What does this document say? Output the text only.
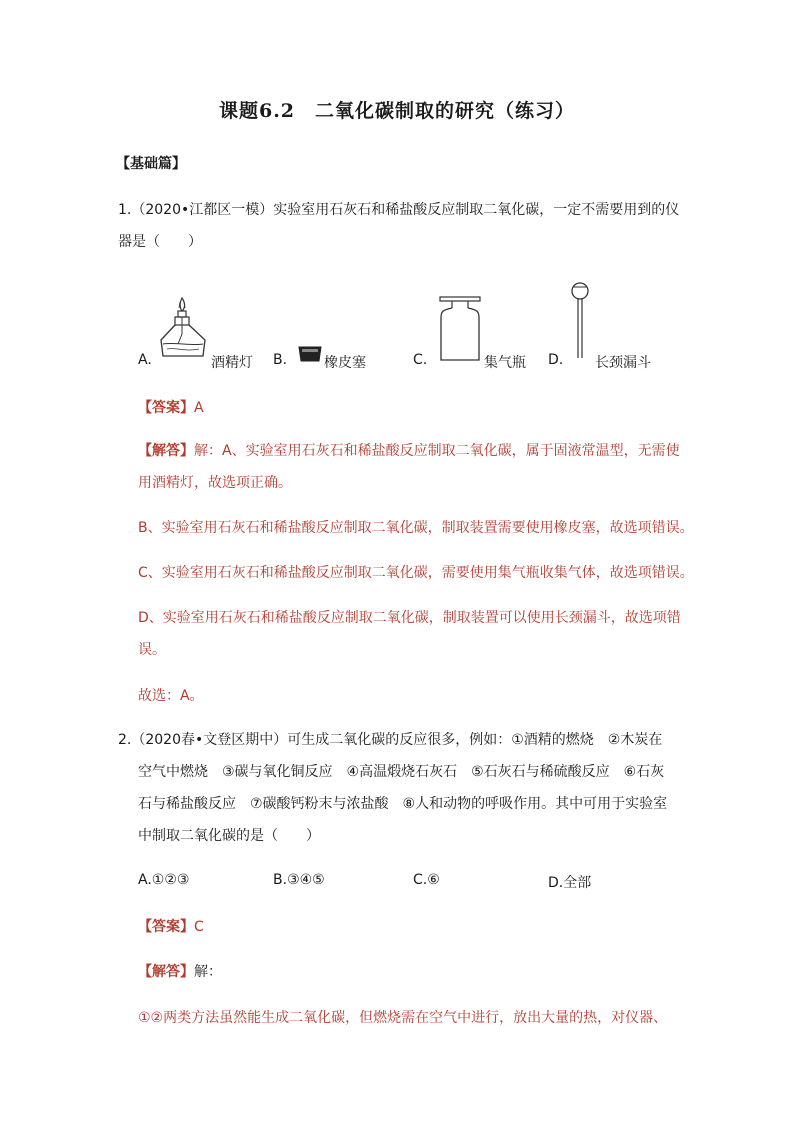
课题6.2　二氧化碳制取的研究（练习）
【基础篇】
1.（2020•江都区一模）实验室用石灰石和稀盐酸反应制取二氧化碳，一定不需要用到的仪
器是（　　）
A.	酒精灯 B.	橡皮塞	C.	集气瓶 D. 长颈漏斗
【答案】A
【解答】解：A、实验室用石灰石和稀盐酸反应制取二氧化碳，属于固液常温型，无需使
用酒精灯，故选项正确。
B、实验室用石灰石和稀盐酸反应制取二氧化碳，制取装置需要使用橡皮塞，故选项错误。
C、实验室用石灰石和稀盐酸反应制取二氧化碳，需要使用集气瓶收集气体，故选项错误。
D、实验室用石灰石和稀盐酸反应制取二氧化碳，制取装置可以使用长颈漏斗，故选项错
误。
故选：A。
2.（2020春•文登区期中）可生成二氧化碳的反应很多，例如：①酒精的燃烧　②木炭在
空气中燃烧　③碳与氧化铜反应　④高温煅烧石灰石　⑤石灰石与稀硫酸反应　⑥石灰
石与稀盐酸反应　⑦碳酸钙粉末与浓盐酸　⑧人和动物的呼吸作用。其中可用于实验室
中制取二氧化碳的是（　　）
A.①②③	B.③④⑤	C.⑥	D.全部
【答案】C
【解答】解：
①②两类方法虽然能生成二氧化碳，但燃烧需在空气中进行，放出大量的热，对仪器、
